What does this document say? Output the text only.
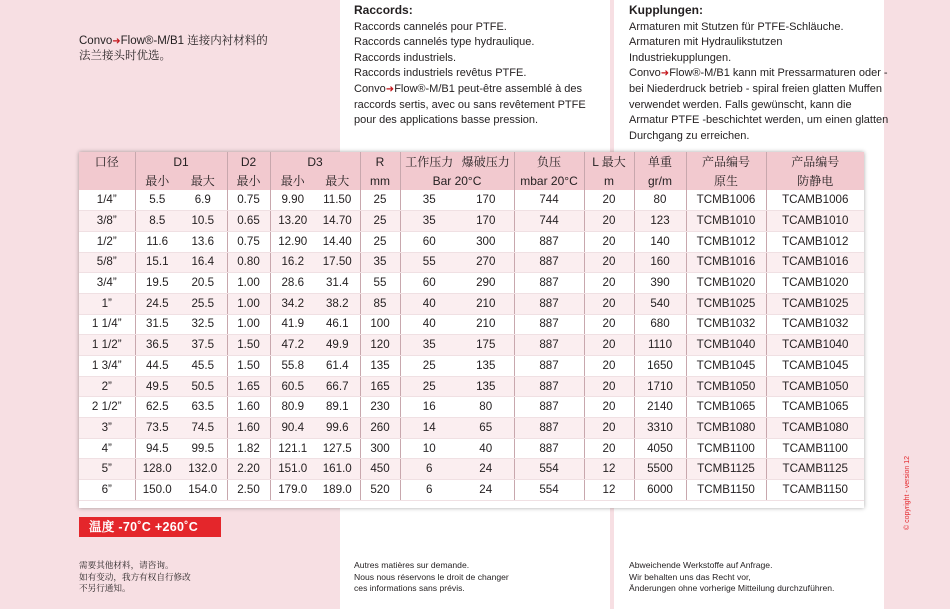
Convo➜Flow®-M/B1 连接内衬材料的
法兰接头时优选。
Raccords:
Raccords cannelés pour PTFE.
Raccords cannelés type hydraulique.
Raccords industriels.
Raccords industriels revêtus PTFE.
Convo➜Flow®-M/B1 peut-être assemblé à des
raccords sertis, avec ou sans revêtement PTFE
pour des applications basse pression.
Kupplungen:
Armaturen mit Stutzen für PTFE-Schläuche.
Armaturen mit Hydraulikstutzen
Industriekupplungen.
Convo➜Flow®-M/B1 kann mit Pressarmaturen oder -
bei Niederdruck betrieb - spiral freien glatten Muffen
verwendet werden. Falls gewünscht, kann die
Armatur PTFE -beschichtet werden, um einen glatten
Durchgang zu erreichen.
口径	D1		D2	D3		R	工作压力	爆破压力	负压	L 最大	单重	产品编号	产品编号
	最小	最大	最小	最小	最大	mm	Bar 20°C		mbar 20°C	m	gr/m	原生	防静电
1/4”	5.5	6.9	0.75	9.90	11.50	25	35	170	744	20	80	TCMB1006	TCAMB1006
3/8”	8.5	10.5	0.65	13.20	14.70	25	35	170	744	20	123	TCMB1010	TCAMB1010
1/2”	11.6	13.6	0.75	12.90	14.40	25	60	300	887	20	140	TCMB1012	TCAMB1012
5/8”	15.1	16.4	0.80	16.2	17.50	35	55	270	887	20	160	TCMB1016	TCAMB1016
3/4”	19.5	20.5	1.00	28.6	31.4	55	60	290	887	20	390	TCMB1020	TCAMB1020
1”	24.5	25.5	1.00	34.2	38.2	85	40	210	887	20	540	TCMB1025	TCAMB1025
1 1/4”	31.5	32.5	1.00	41.9	46.1	100	40	210	887	20	680	TCMB1032	TCAMB1032
1 1/2”	36.5	37.5	1.50	47.2	49.9	120	35	175	887	20	1110	TCMB1040	TCAMB1040
1 3/4”	44.5	45.5	1.50	55.8	61.4	135	25	135	887	20	1650	TCMB1045	TCAMB1045
2”	49.5	50.5	1.65	60.5	66.7	165	25	135	887	20	1710	TCMB1050	TCAMB1050
2 1/2”	62.5	63.5	1.60	80.9	89.1	230	16	80	887	20	2140	TCMB1065	TCAMB1065
3”	73.5	74.5	1.60	90.4	99.6	260	14	65	887	20	3310	TCMB1080	TCAMB1080
4”	94.5	99.5	1.82	121.1	127.5	300	10	40	887	20	4050	TCMB1100	TCAMB1100
5”	128.0	132.0	2.20	151.0	161.0	450	6	24	554	12	5500	TCMB1125	TCAMB1125
6”	150.0	154.0	2.50	179.0	189.0	520	6	24	554	12	6000	TCMB1150	TCAMB1150
温度 -70˚C +260˚C
需要其他材料，请咨询。
如有变动，我方有权自行修改
不另行通知。
Autres matières sur demande.
Nous nous réservons le droit de changer
ces informations sans prévis.
Abweichende Werkstoffe auf Anfrage.
Wir behalten uns das Recht vor,
Änderungen ohne vorherige Mitteilung durchzuführen.
© copyright - version 12
